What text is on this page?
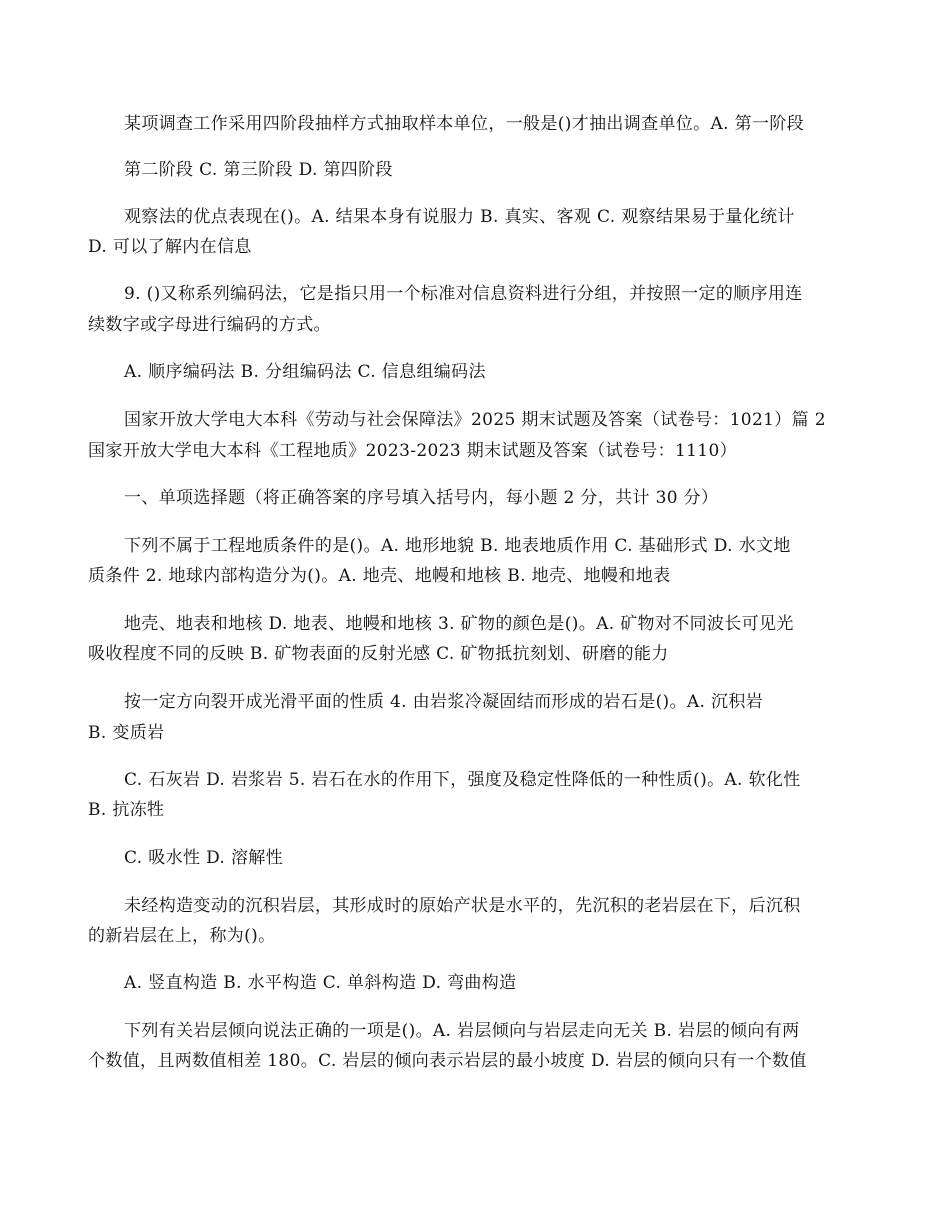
某项调查工作采用四阶段抽样方式抽取样本单位，一般是()才抽出调查单位。A. 第一阶段
第二阶段 C. 第三阶段 D. 第四阶段
观察法的优点表现在()。A. 结果本身有说服力 B. 真实、客观 C. 观察结果易于量化统计
D. 可以了解内在信息
9. ()又称系列编码法，它是指只用一个标准对信息资料进行分组，并按照一定的顺序用连
续数字或字母进行编码的方式。
A. 顺序编码法 B. 分组编码法 C. 信息组编码法
国家开放大学电大本科《劳动与社会保障法》2025 期末试题及答案（试卷号：1021）篇 2
国家开放大学电大本科《工程地质》2023-2023 期末试题及答案（试卷号：1110）
一、单项选择题（将正确答案的序号填入括号内，每小题 2 分，共计 30 分）
下列不属于工程地质条件的是()。A. 地形地貌 B. 地表地质作用 C. 基础形式 D. 水文地
质条件 2. 地球内部构造分为()。A. 地壳、地幔和地核 B. 地壳、地幔和地表
地壳、地表和地核 D. 地表、地幔和地核 3. 矿物的颜色是()。A. 矿物对不同波长可见光
吸收程度不同的反映 B. 矿物表面的反射光感 C. 矿物抵抗刻划、研磨的能力
按一定方向裂开成光滑平面的性质 4. 由岩浆冷凝固结而形成的岩石是()。A. 沉积岩
B. 变质岩
C. 石灰岩 D. 岩浆岩 5. 岩石在水的作用下，强度及稳定性降低的一种性质()。A. 软化性
B. 抗冻牲
C. 吸水性 D. 溶解性
未经构造变动的沉积岩层，其形成时的原始产状是水平的，先沉积的老岩层在下，后沉积
的新岩层在上，称为()。
A. 竖直构造 B. 水平构造 C. 单斜构造 D. 弯曲构造
下列有关岩层倾向说法正确的一项是()。A. 岩层倾向与岩层走向无关 B. 岩层的倾向有两
个数值，且两数值相差 180。C. 岩层的倾向表示岩层的最小坡度 D. 岩层的倾向只有一个数值
